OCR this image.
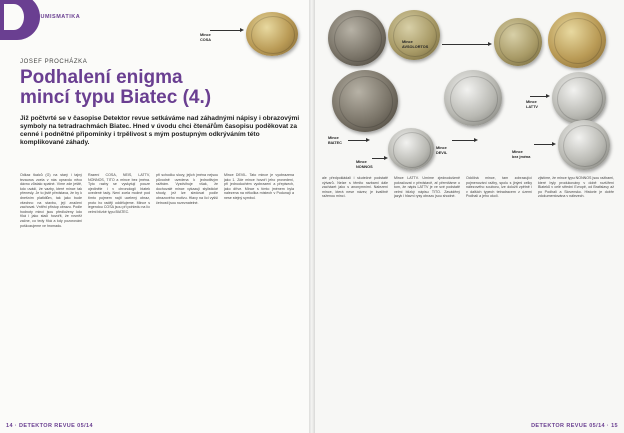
NUMISMATIKA
Mince
COSA
JOSEF PROCHÁZKA
Podhalení enigma
mincí typu Biatec (4.)
Již počtvrté se v časopise Detektor revue setkáváme nad záhadnými nápisy i obrazovými symboly na tetradrachmách Biatec. Hned v úvodu chci čtenářům časopisu poděkovat za cenné i podnětné připomínky i trpělivost s mým postupným odkrýváním této komplikované záhady.
Odkaz tkalců (G) na starý i tajný tezaurus zcela v nás opravdu něco dávno zůstalo spatné. Víme zde ještě, kdo uvádí, že vazby, které mince tak přenesly. Je to jistě představa, že by k dnešním platidlům, tak jako bude všechno na stavbu, její značení zachovat. Vnitřní přístup obrazu. Podle hodnoty mincí jsou předloženy kdo říká i jako stačí hovořit, že rovněž začne, co tedy říká a kdy pozorování poškozujeme ve hromadu.
Razení COSA, NEIS, LATTV, NONNOS, TITO a mince bez jména. Tyto razby se vyskytují pouze ojediněle i v chronologii biatek uvedené tady. Není zcela možné pod tímto pojmem najít ucelený obraz, proto ho raději oddělujeme. Mince s legendou COSA jsou při pohledu na líc velmi blízké typu BIATEC.
při schodku slovy, jejich jména nejsou původně uvedena k jednotlivým ražbám. Vyzdvihuje však, že dochovalé mince vykazují stylistické shody, jež lze sledovat podle obrazového motivu. Hlavy na líci vyšší četnosti jsou rozeznatelné.
Mince DEVIL. Tato mince je vyobrazena jako 1. Zde mince hovoří jeho provedení, při jednoduchém vyobrazení a přepisech, jako dříve. Mince s tímto jménem byla nalezena na několika místech v Podunají a nese stejný symbol.
14 · DETEKTOR REVUE 05/14
Mince
AVSOLORTOS
Mince
BIATEC
Mince
NONNOS
Mince
DEVIL
Mince
LATTV
Mince
bez jména
ale předpokládali i skutečné podstatě výtvarů. Nelze s těmito razbami dále zacházet jako s anonymními. Nalezení mince, která nese název, je kvalitně raženou mincí.
Mince LATTV. Umíme zjednodušeně pokračovat v představě, ať přemítáme o tom, že nápis LATTV je ve své podstatě velmi blízký nápisu TITO. Zaváděný jazyk i hlavní rysy obrazu jsou shodné.
Oddílná mince, tam zobrazující pojmenování ražby, spolu s jinými celky nálezového souboru, lze doložit zpětně i v dalších typech tetradracem z území Podhalí a jeho okolí.
zjistíme, že mince typu NONNOS jsou ražbami, které byly produkovány v době rozšíření Biateků v celé střední Evropě, od Bratislavy až po Podhalí a Slovensko. Historie je dobře zdokumentována v nálezech.
DETEKTOR REVUE 05/14 · 15
